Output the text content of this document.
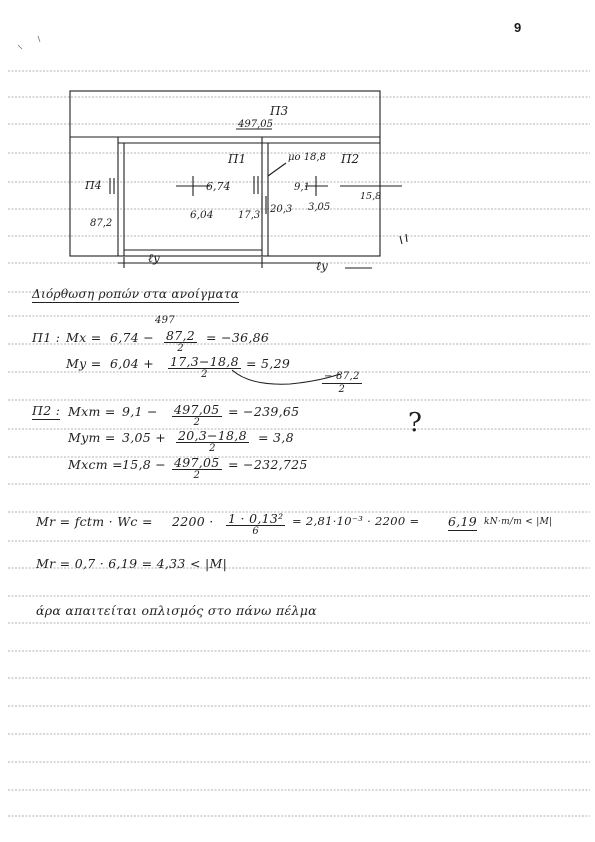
9
Π3
497,05
Π4
87,2
Π1
6,74
6,04 17,3
μο 18,8
20,3
Π2
9,1
3,05
15,8
ℓy
ℓy
Διόρθωση ροπών στα ανοίγματα
497
Π1 : Mx = 6,74 − 87,2
2
= −36,86
My = 6,04 + 17,3−18,8
2
= 5,29
$\frac{- 87,2}{2}$
Π2 : Mxm = 9,1 − 497,05
2
= −239,65	?
Mym = 3,05 + 20,3−18,8
2
= 3,8
Mxcm = 15,8 − 497,05
2
= −232,725
Mr = fctm · Wc = 2200 · 1 · 0,13²
6
= 2,81·10⁻³ · 2200 = 6,19 kN·m/m < |M|
Mr = 0,7 · 6,19 = 4,33 < |M|
άρα απαιτείται οπλισμός στο πάνω πέλμα
